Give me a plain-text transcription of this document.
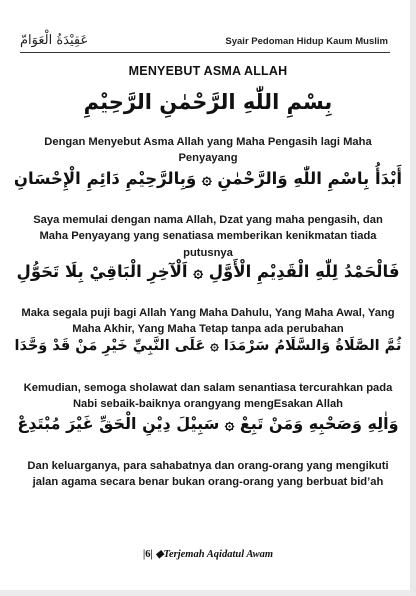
عَقِيْدَةُ الْعَوَامّ	Syair Pedoman Hidup Kaum Muslim
MENYEBUT ASMA ALLAH
بِسْمِ اللّٰهِ الرَّحْمٰنِ الرَّحِيْمِ
Dengan Menyebut Asma Allah yang Maha Pengasih lagi Maha Penyayang
أَبْدَأُ بِاسْمِ اللّٰهِ وَالرَّحْمٰنِ ۞ وَبِالرَّحِيْمِ دَائِمِ الْإِحْسَانِ
Saya memulai dengan nama Allah, Dzat yang maha pengasih, dan Maha Penyayang yang senatiasa memberikan kenikmatan tiada putusnya
فَالْحَمْدُ لِلّٰهِ الْقَدِيْمِ الْأَوَّلِ ۞ اَلْآخِرِ الْبَاقِيْ بِلَا تَحَوُّلِ
Maka segala puji bagi Allah Yang Maha Dahulu, Yang Maha Awal, Yang Maha Akhir, Yang Maha Tetap tanpa ada perubahan
ثُمَّ الصَّلَاةُ وَالسَّلَامُ سَرْمَدَا ۞ عَلَى النَّبِيِّ خَيْرِ مَنْ قَدْ وَحَّدَا
Kemudian, semoga sholawat dan salam senantiasa tercurahkan pada Nabi sebaik-baiknya orangyang mengEsakan Allah
وَاٰلِهِ وَصَحْبِهِ وَمَنْ تَبِعْ ۞ سَبِيْلَ دِيْنِ الْحَقِّ غَيْرَ مُبْتَدِعْ
Dan keluarganya, para sahabatnya dan orang-orang yang mengikuti jalan agama secara benar bukan orang-orang yang berbuat bid’ah
|6| ◆Terjemah Aqidatul Awam
